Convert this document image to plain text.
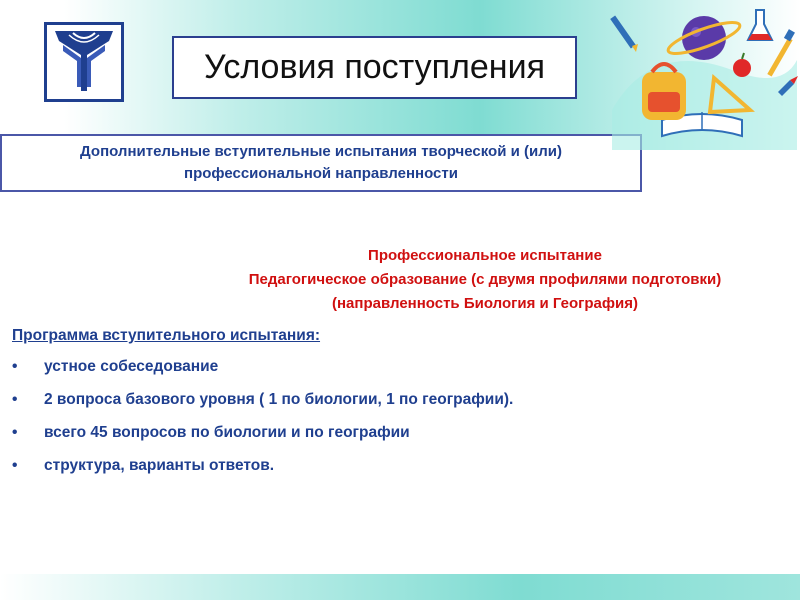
Условия поступления
Дополнительные вступительные испытания творческой и (или)
профессиональной направленности
Профессиональное испытание
Педагогическое образование (с двумя профилями подготовки)
(направленность Биология и География)
Программа вступительного испытания:
• устное собеседование
• 2 вопроса базового уровня ( 1 по биологии, 1 по географии).
• всего 45 вопросов по биологии и по географии
• структура, варианты ответов.
